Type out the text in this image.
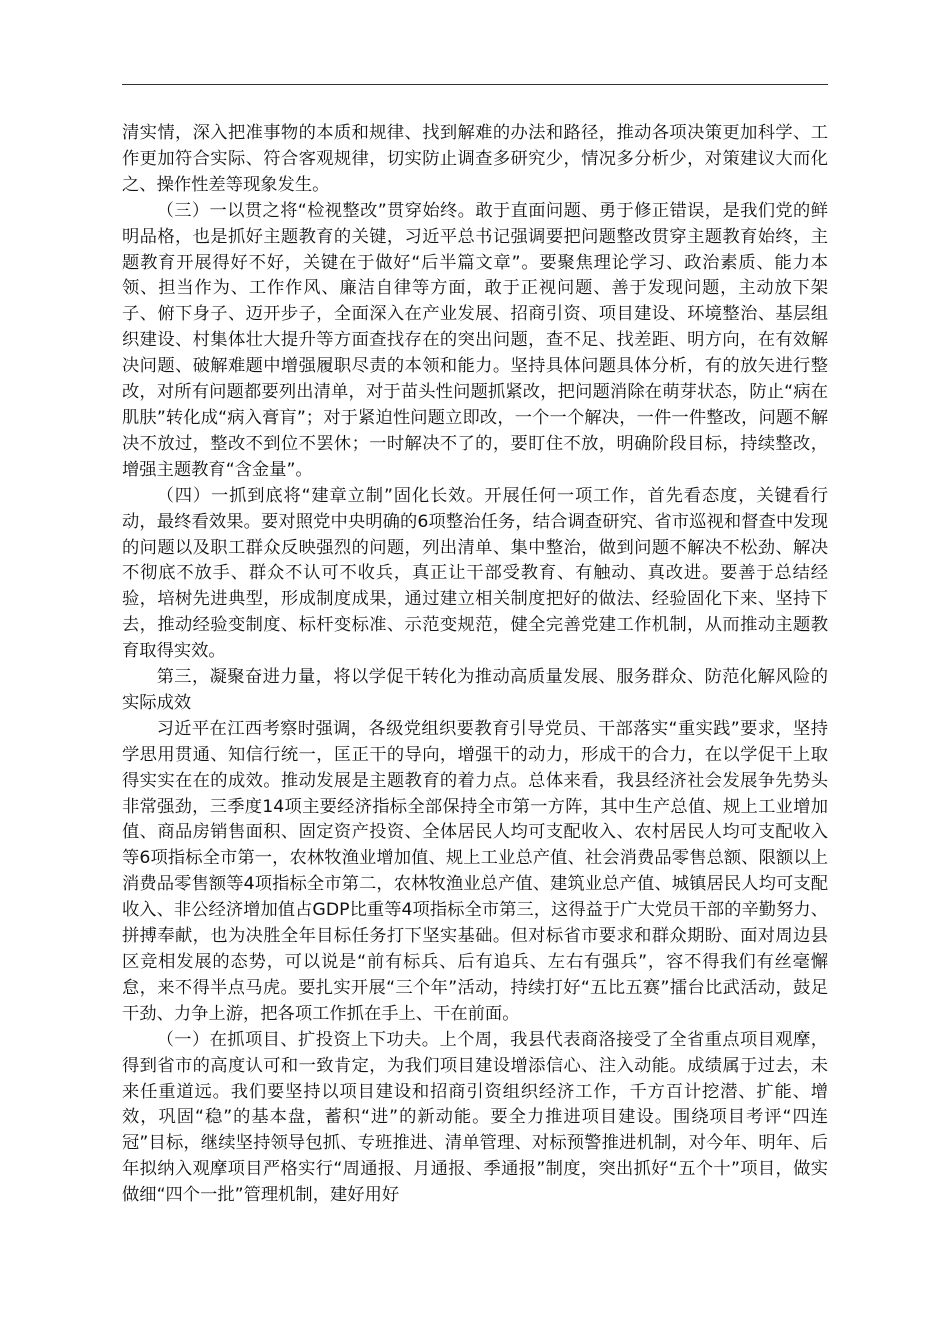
清实情，深入把准事物的本质和规律、找到解难的办法和路径，推动各项决策更加科学、工作更加符合实际、符合客观规律，切实防止调查多研究少，情况多分析少，对策建议大而化之、操作性差等现象发生。

（三）一以贯之将“检视整改”贯穿始终。敢于直面问题、勇于修正错误，是我们党的鲜明品格，也是抓好主题教育的关键，习近平总书记强调要把问题整改贯穿主题教育始终，主题教育开展得好不好，关键在于做好“后半篇文章”。要聚焦理论学习、政治素质、能力本领、担当作为、工作作风、廉洁自律等方面，敢于正视问题、善于发现问题，主动放下架子、俯下身子、迈开步子，全面深入在产业发展、招商引资、项目建设、环境整治、基层组织建设、村集体壮大提升等方面查找存在的突出问题，查不足、找差距、明方向，在有效解决问题、破解难题中增强履职尽责的本领和能力。坚持具体问题具体分析，有的放矢进行整改，对所有问题都要列出清单，对于苗头性问题抓紧改，把问题消除在萌芽状态，防止“病在肌肤”转化成“病入膏肓”；对于紧迫性问题立即改，一个一个解决，一件一件整改，问题不解决不放过，整改不到位不罢休；一时解决不了的，要盯住不放，明确阶段目标，持续整改，增强主题教育“含金量”。

（四）一抓到底将“建章立制”固化长效。开展任何一项工作，首先看态度，关键看行动，最终看效果。要对照党中央明确的6项整治任务，结合调查研究、省市巡视和督查中发现的问题以及职工群众反映强烈的问题，列出清单、集中整治，做到问题不解决不松劲、解决不彻底不放手、群众不认可不收兵，真正让干部受教育、有触动、真改进。要善于总结经验，培树先进典型，形成制度成果，通过建立相关制度把好的做法、经验固化下来、坚持下去，推动经验变制度、标杆变标准、示范变规范，健全完善党建工作机制，从而推动主题教育取得实效。

第三，凝聚奋进力量，将以学促干转化为推动高质量发展、服务群众、防范化解风险的实际成效

习近平在江西考察时强调，各级党组织要教育引导党员、干部落实“重实践”要求，坚持学思用贯通、知信行统一，匡正干的导向，增强干的动力，形成干的合力，在以学促干上取得实实在在的成效。推动发展是主题教育的着力点。总体来看，我县经济社会发展争先势头非常强劲，三季度14项主要经济指标全部保持全市第一方阵，其中生产总值、规上工业增加值、商品房销售面积、固定资产投资、全体居民人均可支配收入、农村居民人均可支配收入等6项指标全市第一，农林牧渔业增加值、规上工业总产值、社会消费品零售总额、限额以上消费品零售额等4项指标全市第二，农林牧渔业总产值、建筑业总产值、城镇居民人均可支配收入、非公经济增加值占GDP比重等4项指标全市第三，这得益于广大党员干部的辛勤努力、拼搏奉献，也为决胜全年目标任务打下坚实基础。但对标省市要求和群众期盼、面对周边县区竞相发展的态势，可以说是“前有标兵、后有追兵、左右有强兵”，容不得我们有丝毫懈怠，来不得半点马虎。要扎实开展“三个年”活动，持续打好“五比五赛”擂台比武活动，鼓足干劲、力争上游，把各项工作抓在手上、干在前面。

（一）在抓项目、扩投资上下功夫。上个周，我县代表商洛接受了全省重点项目观摩，得到省市的高度认可和一致肯定，为我们项目建设增添信心、注入动能。成绩属于过去，未来任重道远。我们要坚持以项目建设和招商引资组织经济工作，千方百计挖潜、扩能、增效，巩固“稳”的基本盘，蓄积“进”的新动能。要全力推进项目建设。围绕项目考评“四连冠”目标，继续坚持领导包抓、专班推进、清单管理、对标预警推进机制，对今年、明年、后年拟纳入观摩项目严格实行“周通报、月通报、季通报”制度，突出抓好“五个十”项目，做实做细“四个一批”管理机制，建好用好
